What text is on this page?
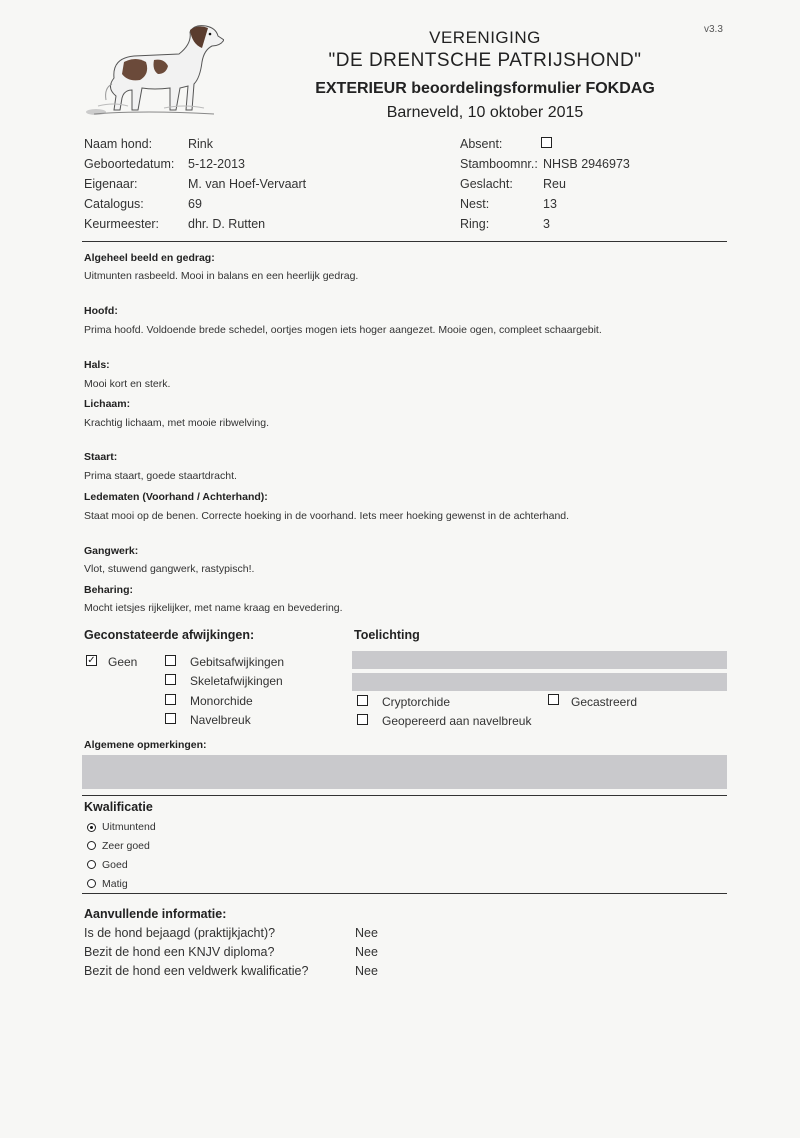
v3.3
VERENIGING
"DE DRENTSCHE PATRIJSHOND"
EXTERIEUR beoordelingsformulier FOKDAG
Barneveld, 10 oktober 2015
Naam hond:	Rink
Geboortedatum: 5-12-2013
Eigenaar:	M. van Hoef-Vervaart
Catalogus:	69
Keurmeester: dhr. D. Rutten
Absent:
Stamboomnr.: NHSB 2946973
Geslacht: Reu
Nest:	13
Ring:	3
Algeheel beeld en gedrag:
Uitmunten rasbeeld. Mooi in balans en een heerlijk gedrag.
Hoofd:
Prima hoofd. Voldoende brede schedel, oortjes mogen iets hoger aangezet. Mooie ogen, compleet schaargebit.
Hals:
Mooi kort en sterk.
Lichaam:
Krachtig lichaam, met mooie ribwelving.
Staart:
Prima staart, goede staartdracht.
Ledematen (Voorhand / Achterhand):
Staat mooi op de benen. Correcte hoeking in de voorhand. Iets meer hoeking gewenst in de achterhand.
Gangwerk:
Vlot, stuwend gangwerk, rastypisch!.
Beharing:
Mocht ietsjes rijkelijker, met name kraag en bevedering.
Geconstateerde afwijkingen:	Toelichting
✓ Geen	Gebitsafwijkingen
Skeletafwijkingen
Monorchide
Navelbreuk
Cryptorchide	Gecastreerd
Geopereerd aan navelbreuk
Algemene opmerkingen:
Kwalificatie
Uitmuntend
Zeer goed
Goed
Matig
Aanvullende informatie:
Is de hond bejaagd (praktijkjacht)?	Nee
Bezit de hond een KNJV diploma?	Nee
Bezit de hond een veldwerk kwalificatie?	Nee
